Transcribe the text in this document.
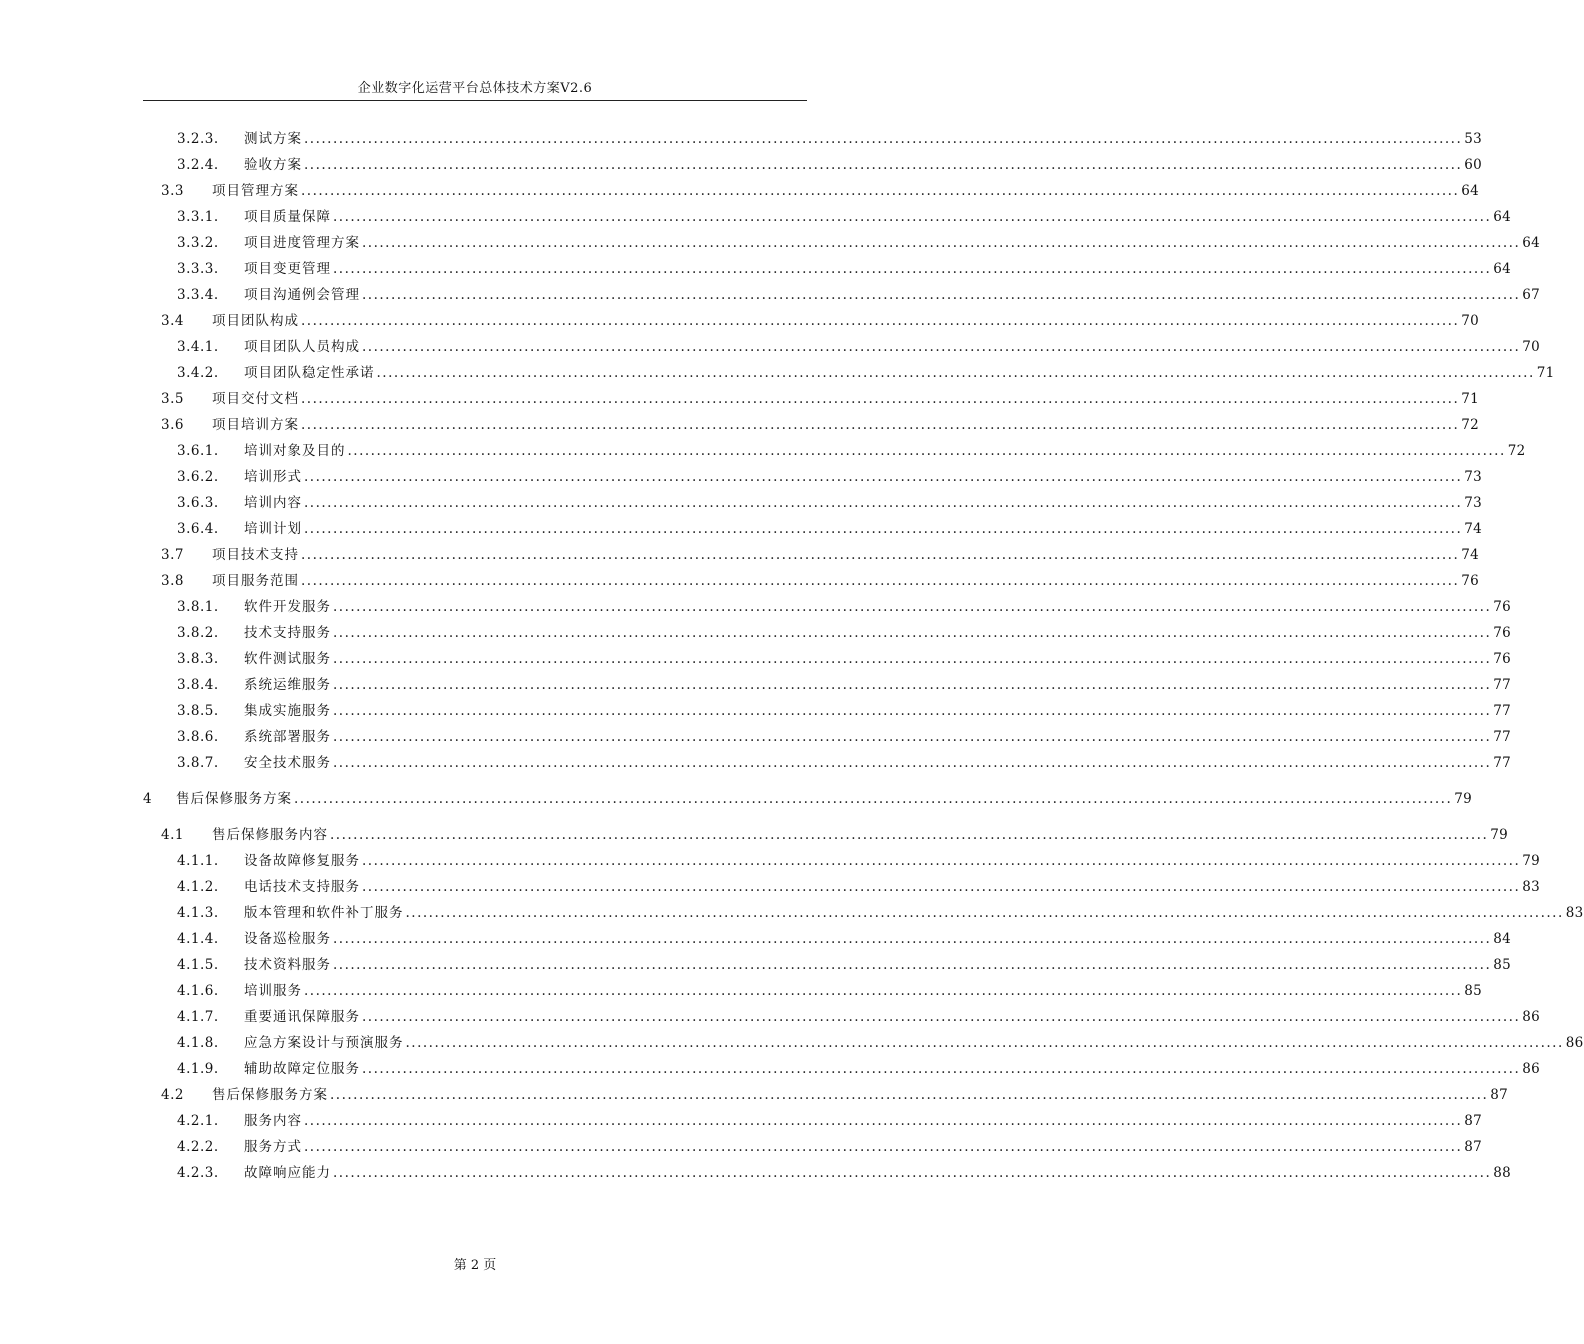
企业数字化运营平台总体技术方案V2.6
3.2.3. 测试方案 ........................................................................................................................................................................................................ 53
3.2.4. 验收方案 ........................................................................................................................................................................................................ 60
3.3 项目管理方案 ........................................................................................................................................................................................................ 64
3.3.1. 项目质量保障 ........................................................................................................................................................................................................ 64
3.3.2. 项目进度管理方案 ........................................................................................................................................................................................................ 64
3.3.3. 项目变更管理 ........................................................................................................................................................................................................ 64
3.3.4. 项目沟通例会管理 ........................................................................................................................................................................................................ 67
3.4 项目团队构成 ........................................................................................................................................................................................................ 70
3.4.1. 项目团队人员构成 ........................................................................................................................................................................................................ 70
3.4.2. 项目团队稳定性承诺 ........................................................................................................................................................................................................ 71
3.5 项目交付文档 ........................................................................................................................................................................................................ 71
3.6 项目培训方案 ........................................................................................................................................................................................................ 72
3.6.1. 培训对象及目的 ........................................................................................................................................................................................................ 72
3.6.2. 培训形式 ........................................................................................................................................................................................................ 73
3.6.3. 培训内容 ........................................................................................................................................................................................................ 73
3.6.4. 培训计划 ........................................................................................................................................................................................................ 74
3.7 项目技术支持 ........................................................................................................................................................................................................ 74
3.8 项目服务范围 ........................................................................................................................................................................................................ 76
3.8.1. 软件开发服务 ........................................................................................................................................................................................................ 76
3.8.2. 技术支持服务 ........................................................................................................................................................................................................ 76
3.8.3. 软件测试服务 ........................................................................................................................................................................................................ 76
3.8.4. 系统运维服务 ........................................................................................................................................................................................................ 77
3.8.5. 集成实施服务 ........................................................................................................................................................................................................ 77
3.8.6. 系统部署服务 ........................................................................................................................................................................................................ 77
3.8.7. 安全技术服务 ........................................................................................................................................................................................................ 77
4 售后保修服务方案 ........................................................................................................................................................................................................ 79
4.1 售后保修服务内容 ........................................................................................................................................................................................................ 79
4.1.1. 设备故障修复服务 ........................................................................................................................................................................................................ 79
4.1.2. 电话技术支持服务 ........................................................................................................................................................................................................ 83
4.1.3. 版本管理和软件补丁服务 ........................................................................................................................................................................................................ 83
4.1.4. 设备巡检服务 ........................................................................................................................................................................................................ 84
4.1.5. 技术资料服务 ........................................................................................................................................................................................................ 85
4.1.6. 培训服务 ........................................................................................................................................................................................................ 85
4.1.7. 重要通讯保障服务 ........................................................................................................................................................................................................ 86
4.1.8. 应急方案设计与预演服务 ........................................................................................................................................................................................................ 86
4.1.9. 辅助故障定位服务 ........................................................................................................................................................................................................ 86
4.2 售后保修服务方案 ........................................................................................................................................................................................................ 87
4.2.1. 服务内容 ........................................................................................................................................................................................................ 87
4.2.2. 服务方式 ........................................................................................................................................................................................................ 87
4.2.3. 故障响应能力 ........................................................................................................................................................................................................ 88
第 2 页
